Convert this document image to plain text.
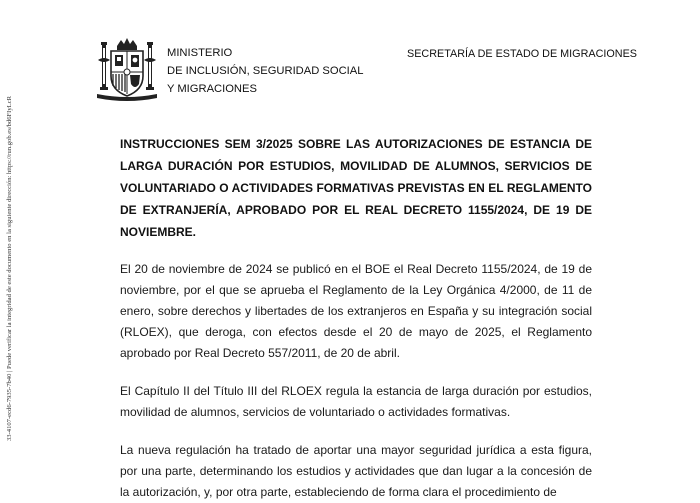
33-4107-ecd6-7935-7b40 | Puede verificar la integridad de este documento en la siguiente dirección: https://run.gob.es/bd6FIyLcR
MINISTERIO
DE INCLUSIÓN, SEGURIDAD SOCIAL
Y MIGRACIONES
SECRETARÍA DE ESTADO DE MIGRACIONES

INSTRUCCIONES SEM 3/2025 SOBRE LAS AUTORIZACIONES DE ESTANCIA DE LARGA DURACIÓN POR ESTUDIOS, MOVILIDAD DE ALUMNOS, SERVICIOS DE VOLUNTARIADO O ACTIVIDADES FORMATIVAS PREVISTAS EN EL REGLAMENTO DE EXTRANJERÍA, APROBADO POR EL REAL DECRETO 1155/2024, DE 19 DE NOVIEMBRE.

El 20 de noviembre de 2024 se publicó en el BOE el Real Decreto 1155/2024, de 19 de noviembre, por el que se aprueba el Reglamento de la Ley Orgánica 4/2000, de 11 de enero, sobre derechos y libertades de los extranjeros en España y su integración social (RLOEX), que deroga, con efectos desde el 20 de mayo de 2025, el Reglamento aprobado por Real Decreto 557/2011, de 20 de abril.

El Capítulo II del Título III del RLOEX regula la estancia de larga duración por estudios, movilidad de alumnos, servicios de voluntariado o actividades formativas.

La nueva regulación ha tratado de aportar una mayor seguridad jurídica a esta figura, por una parte, determinando los estudios y actividades que dan lugar a la concesión de la autorización, y, por otra parte, estableciendo de forma clara el procedimiento de
